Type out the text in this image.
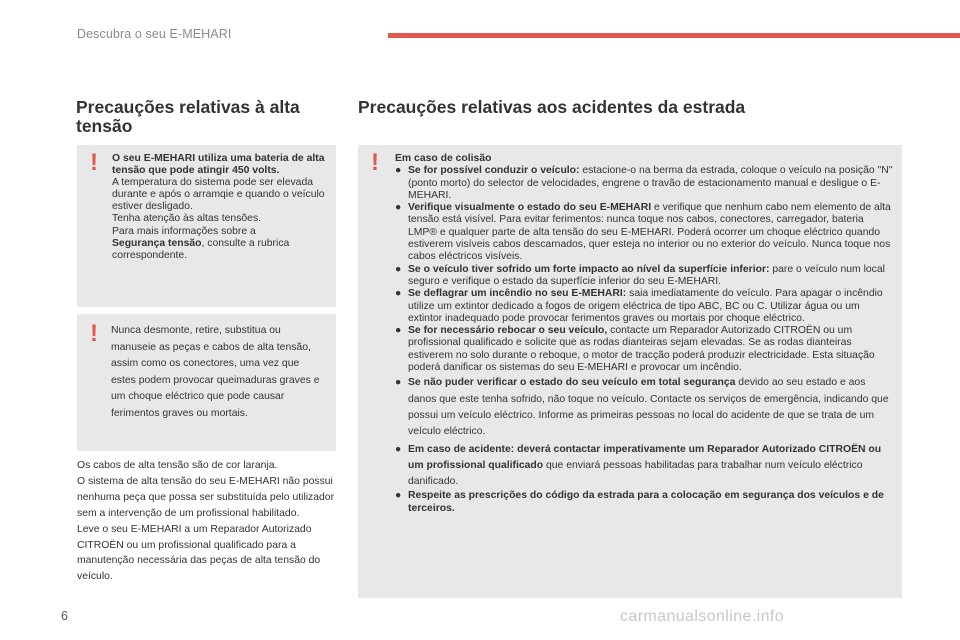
Descubra o seu E-MEHARI
Precauções relativas à alta tensão
Precauções relativas aos acidentes da estrada
! O seu E-MEHARI utiliza uma bateria de alta tensão que pode atingir 450 volts.
A temperatura do sistema pode ser elevada durante e após o arramqie e quando o veículo estiver desligado.
Tenha atenção às altas tensões.
Para mais informações sobre a
Segurança tensão, consulte a rubrica correspondente.
! Nunca desmonte, retire, substitua ou manuseie as peças e cabos de alta tensão, assim como os conectores, uma vez que estes podem provocar queimaduras graves e um choque eléctrico que pode causar ferimentos graves ou mortais.
Os cabos de alta tensão são de cor laranja.
O sistema de alta tensão do seu E-MEHARI não possui nenhuma peça que possa ser substituída pelo utilizador sem a intervenção de um profissional habilitado.
Leve o seu E-MEHARI a um Reparador Autorizado CITROËN ou um profissional qualificado para a manutenção necessária das peças de alta tensão do veículo.
! Em caso de colisão
● Se for possível conduzir o veículo: estacione-o na berma da estrada, coloque o veículo na posição "N" (ponto morto) do selector de velocidades, engrene o travão de estacionamento manual e desligue o E-MEHARI.
● Verifique visualmente o estado do seu E-MEHARI e verifique que nenhum cabo nem elemento de alta tensão está visível. Para evitar ferimentos: nunca toque nos cabos, conectores, carregador, bateria LMP® e qualquer parte de alta tensão do seu E-MEHARI. Poderá ocorrer um choque eléctrico quando estiverem visíveis cabos descarnados, quer esteja no interior ou no exterior do veículo. Nunca toque nos cabos eléctricos visíveis.
● Se o veículo tiver sofrido um forte impacto ao nível da superfície inferior: pare o veículo num local seguro e verifique o estado da superfície inferior do seu E-MEHARI.
● Se deflagrar um incêndio no seu E-MEHARI: saia imediatamente do veículo. Para apagar o incêndio utilize um extintor dedicado a fogos de origem eléctrica de tipo ABC, BC ou C. Utilizar água ou um extintor inadequado pode provocar ferimentos graves ou mortais por choque eléctrico.
● Se for necessário rebocar o seu veículo, contacte um Reparador Autorizado CITROËN ou um profissional qualificado e solicite que as rodas dianteiras sejam elevadas. Se as rodas dianteiras estiverem no solo durante o reboque, o motor de tracção poderá produzir electricidade. Esta situação poderá danificar os sistemas do seu E-MEHARI e provocar um incêndio.
● Se não puder verificar o estado do seu veículo em total segurança devido ao seu estado e aos danos que este tenha sofrido, não toque no veículo. Contacte os serviços de emergência, indicando que possui um veículo eléctrico. Informe as primeiras pessoas no local do acidente de que se trata de um veículo eléctrico.
● Em caso de acidente: deverá contactar imperativamente um Reparador Autorizado CITROËN ou um profissional qualificado que enviará pessoas habilitadas para trabalhar num veículo eléctrico danificado.
● Respeite as prescrições do código da estrada para a colocação em segurança dos veículos e de terceiros.
6	carmanualsonline.info
